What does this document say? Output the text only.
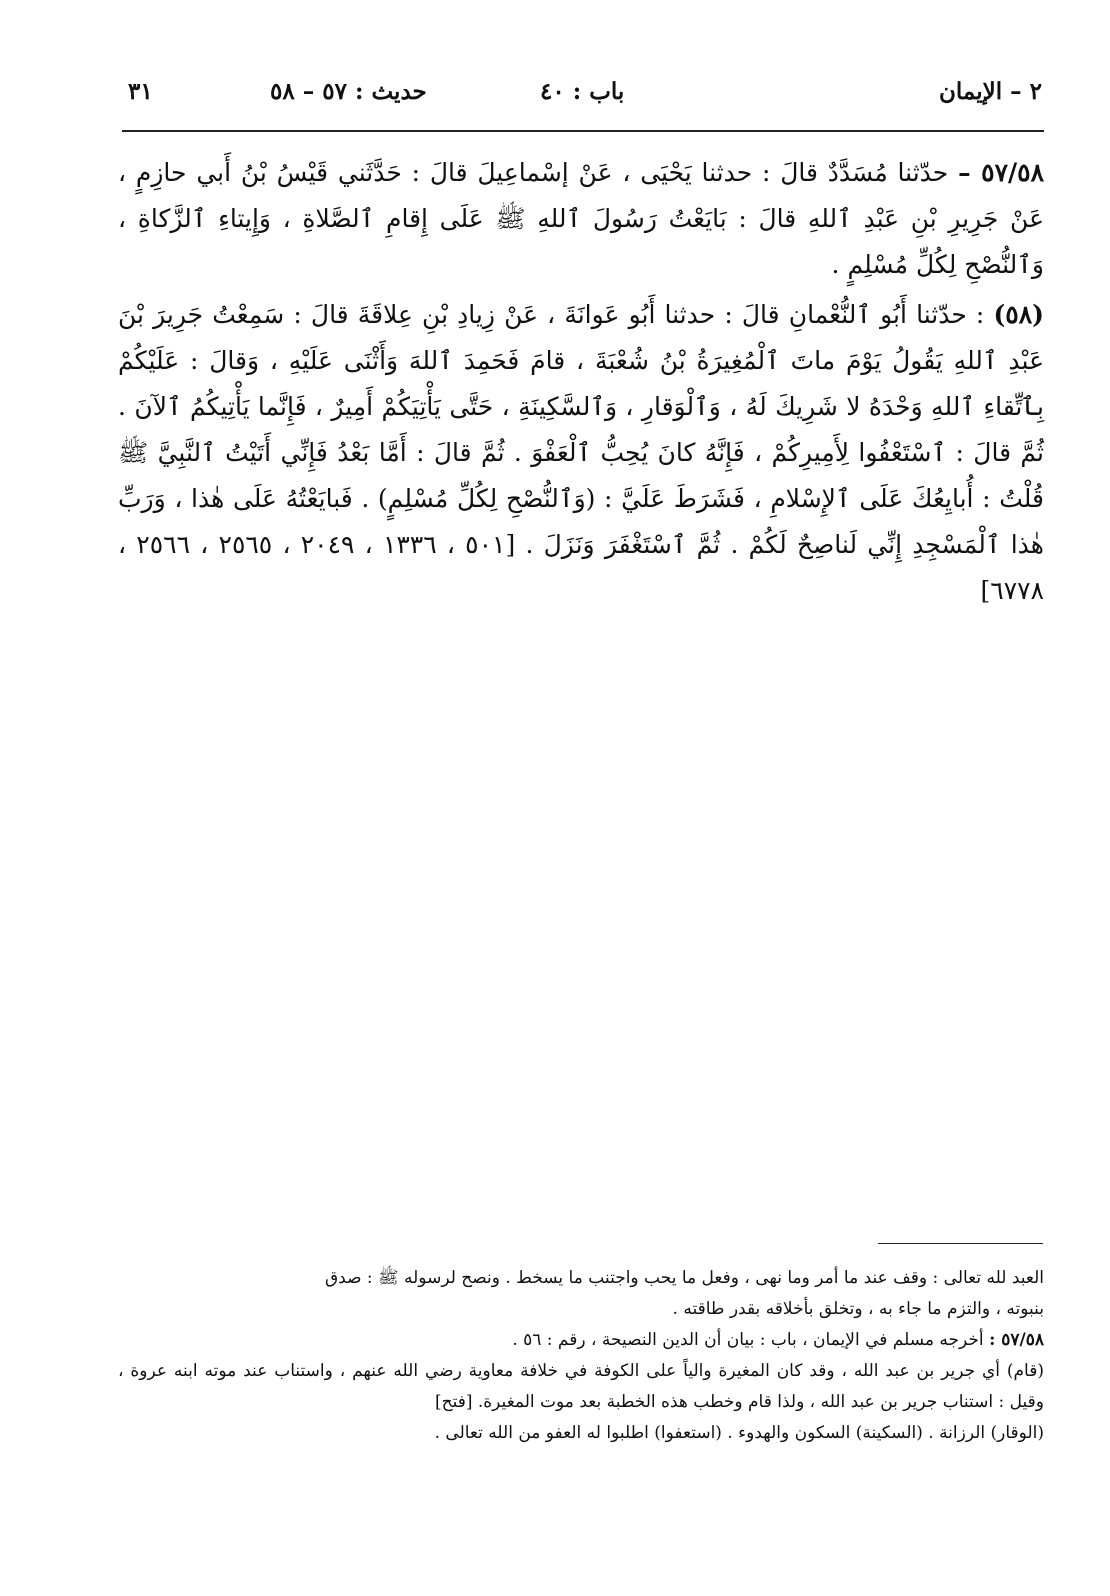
٢ – الإيمان
باب : ٤٠
حديث : ٥٧ – ٥٨
٣١

٥٧/٥٨ – حدّثنا مُسَدَّدٌ قالَ : حدثنا يَحْيَى ، عَنْ إسْماعِيلَ قالَ : حَدَّثَني قَيْسُ بْنُ أَبي حازِمٍ ، عَنْ جَرِيرِ بْنِ عَبْدِ ٱللهِ قالَ : بَايَعْتُ رَسُولَ ٱللهِ ﷺ عَلَى إِقامِ ٱلصَّلاةِ ، وَإِيتاءِ ٱلزَّكاةِ ، وَٱلنُّصْحِ لِكُلِّ مُسْلِمٍ .

(٥٨) : حدّثنا أَبُو ٱلنُّعْمانِ قالَ : حدثنا أَبُو عَوانَةَ ، عَنْ زِيادِ بْنِ عِلاقَةَ قالَ : سَمِعْتُ جَرِيرَ بْنَ عَبْدِ ٱللهِ يَقُولُ يَوْمَ ماتَ ٱلْمُغِيرَةُ بْنُ شُعْبَةَ ، قامَ فَحَمِدَ ٱللهَ وَأَثْنَى عَلَيْهِ ، وَقالَ : عَلَيْكُمْ بِٱتِّقاءِ ٱللهِ وَحْدَهُ لا شَرِيكَ لَهُ ، وَٱلْوَقارِ ، وَٱلسَّكِينَةِ ، حَتَّى يَأْتِيَكُمْ أَمِيرٌ ، فَإِنَّما يَأْتِيكُمُ ٱلآنَ . ثُمَّ قالَ : ٱسْتَعْفُوا لِأَمِيرِكُمْ ، فَإِنَّهُ كانَ يُحِبُّ ٱلْعَفْوَ . ثُمَّ قالَ : أَمَّا بَعْدُ فَإِنِّي أَتَيْتُ ٱلنَّبِيَّ ﷺ قُلْتُ : أُبايِعُكَ عَلَى ٱلإِسْلامِ ، فَشَرَطَ عَلَيَّ : (وَٱلنُّصْحِ لِكُلِّ مُسْلِمٍ) . فَبايَعْتُهُ عَلَى هٰذا ، وَرَبِّ هٰذا ٱلْمَسْجِدِ إِنِّي لَناصِحٌ لَكُمْ . ثُمَّ ٱسْتَغْفَرَ وَنَزَلَ . [٥٠١ ، ١٣٣٦ ، ٢٠٤٩ ، ٢٥٦٥ ، ٢٥٦٦ ، ٦٧٧٨]

العبد لله تعالى : وقف عند ما أمر وما نهى ، وفعل ما يحب واجتنب ما يسخط . ونصح لرسوله ﷺ : صدق

بنبوته ، والتزم ما جاء به ، وتخلق بأخلاقه بقدر طاقته .

٥٧/٥٨ : أخرجه مسلم في الإيمان ، باب : بيان أن الدين النصيحة ، رقم : ٥٦ .

(قام) أي جرير بن عبد الله ، وقد كان المغيرة والياً على الكوفة في خلافة معاوية رضي الله عنهم ، واستناب عند موته ابنه عروة ، وقيل : استناب جرير بن عبد الله ، ولذا قام وخطب هذه الخطبة بعد موت المغيرة. [فتح]

(الوقار) الرزانة . (السكينة) السكون والهدوء . (استعفوا) اطلبوا له العفو من الله تعالى .
